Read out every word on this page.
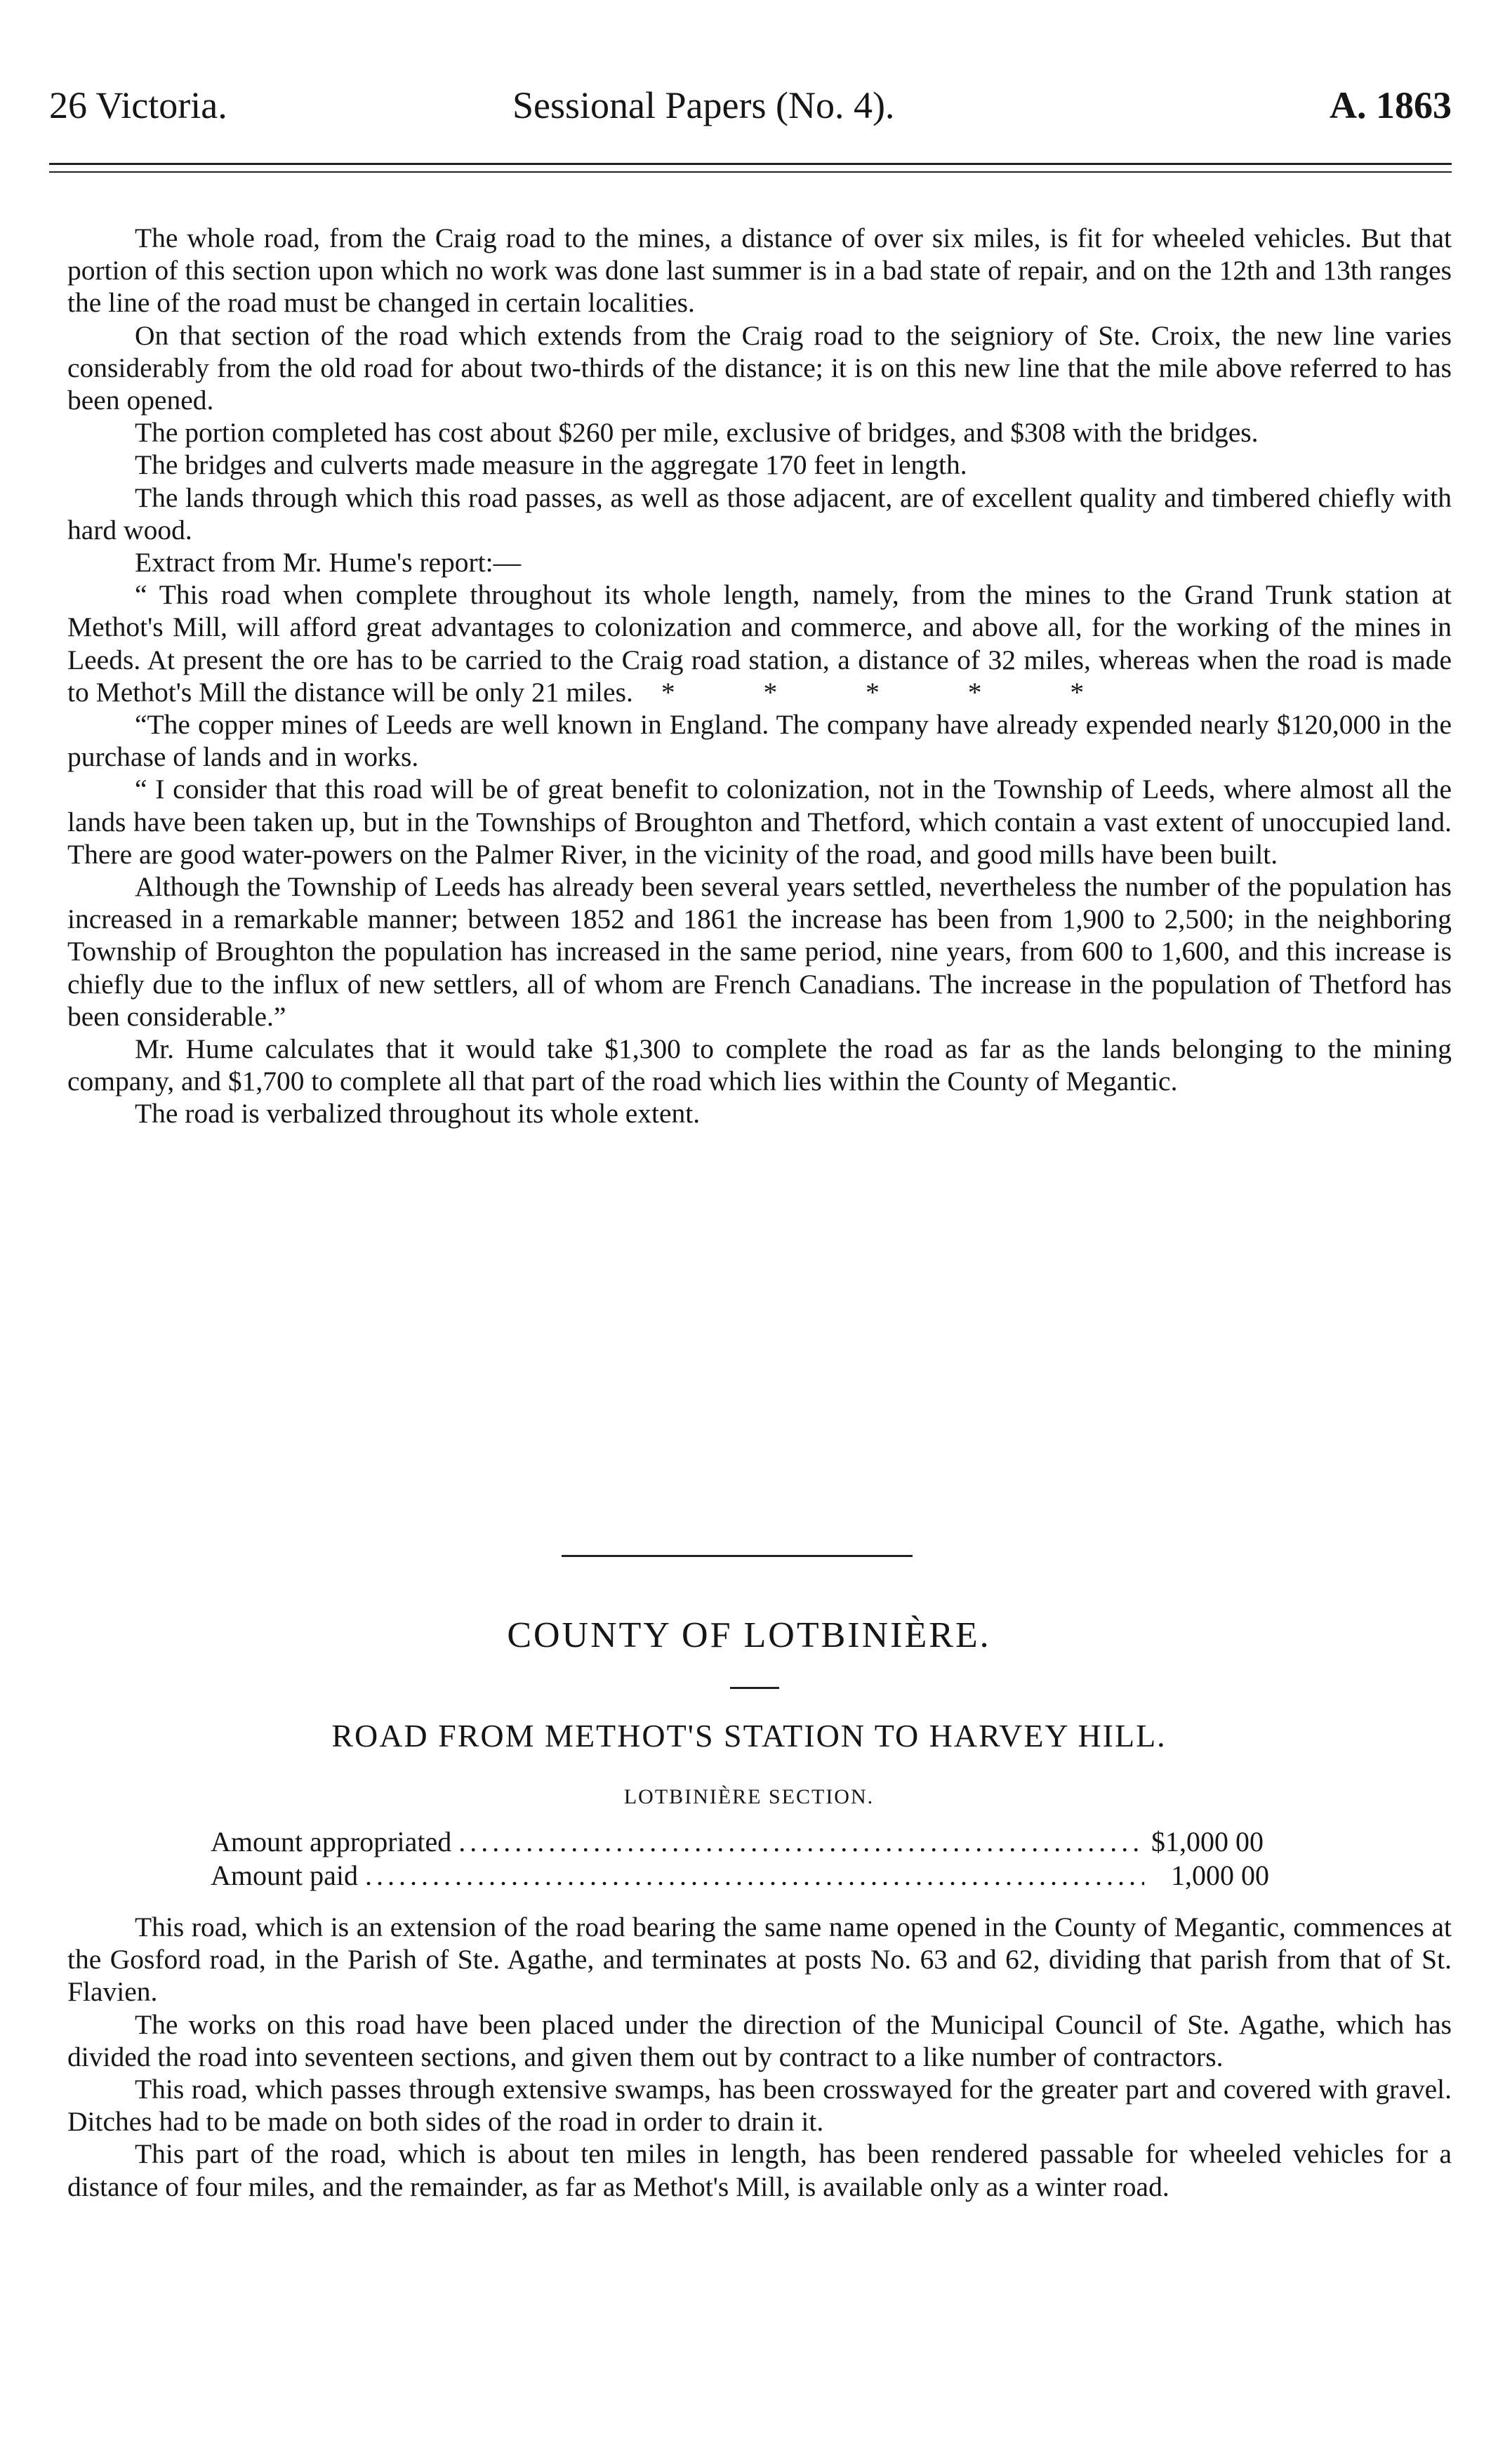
26 Victoria.	Sessional Papers (No. 4).	A. 1863

The whole road, from the Craig road to the mines, a distance of over six miles, is fit for wheeled vehicles. But that portion of this section upon which no work was done last summer is in a bad state of repair, and on the 12th and 13th ranges the line of the road must be changed in certain localities.

On that section of the road which extends from the Craig road to the seigniory of Ste. Croix, the new line varies considerably from the old road for about two-thirds of the distance; it is on this new line that the mile above referred to has been opened.

The portion completed has cost about $260 per mile, exclusive of bridges, and $308 with the bridges.

The bridges and culverts made measure in the aggregate 170 feet in length.

The lands through which this road passes, as well as those adjacent, are of excellent quality and timbered chiefly with hard wood.

Extract from Mr. Hume's report:—

“ This road when complete throughout its whole length, namely, from the mines to the Grand Trunk station at Methot's Mill, will afford great advantages to colonization and commerce, and above all, for the working of the mines in Leeds. At present the ore has to be carried to the Craig road station, a distance of 32 miles, whereas when the road is made to Methot's Mill the distance will be only 21 miles. * * * * *

“The copper mines of Leeds are well known in England. The company have already expended nearly $120,000 in the purchase of lands and in works.

“ I consider that this road will be of great benefit to colonization, not in the Township of Leeds, where almost all the lands have been taken up, but in the Townships of Broughton and Thetford, which contain a vast extent of unoccupied land. There are good water-powers on the Palmer River, in the vicinity of the road, and good mills have been built.

Although the Township of Leeds has already been several years settled, nevertheless the number of the population has increased in a remarkable manner; between 1852 and 1861 the increase has been from 1,900 to 2,500; in the neighboring Township of Broughton the population has increased in the same period, nine years, from 600 to 1,600, and this increase is chiefly due to the influx of new settlers, all of whom are French Canadians. The increase in the population of Thetford has been considerable.”

Mr. Hume calculates that it would take $1,300 to complete the road as far as the lands belonging to the mining company, and $1,700 to complete all that part of the road which lies within the County of Megantic.

The road is verbalized throughout its whole extent.

COUNTY OF LOTBINIÈRE.
ROAD FROM METHOT'S STATION TO HARVEY HILL.
LOTBINIÈRE SECTION.
Amount appropriated .....	$1,000 00
Amount paid .....	1,000 00

This road, which is an extension of the road bearing the same name opened in the County of Megantic, commences at the Gosford road, in the Parish of Ste. Agathe, and terminates at posts No. 63 and 62, dividing that parish from that of St. Flavien.

The works on this road have been placed under the direction of the Municipal Council of Ste. Agathe, which has divided the road into seventeen sections, and given them out by contract to a like number of contractors.

This road, which passes through extensive swamps, has been crosswayed for the greater part and covered with gravel. Ditches had to be made on both sides of the road in order to drain it.

This part of the road, which is about ten miles in length, has been rendered passable for wheeled vehicles for a distance of four miles, and the remainder, as far as Methot's Mill, is available only as a winter road.
